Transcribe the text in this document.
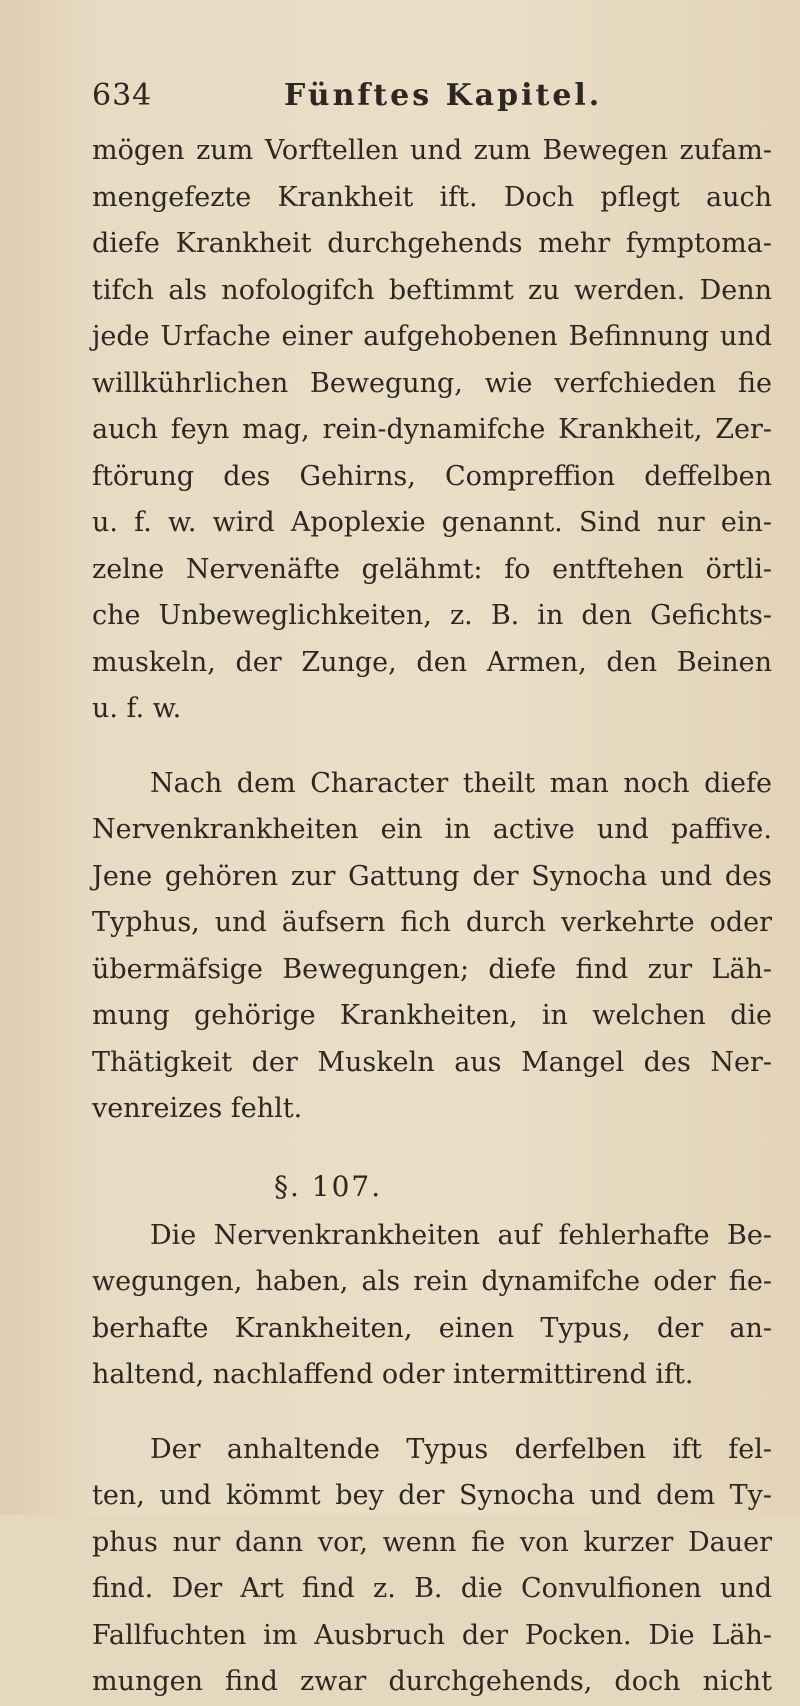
634	Fünftes Kapitel.
mögen zum Vorftellen und zum Bewegen zufam-
mengefezte Krankheit ift. Doch pflegt auch
diefe Krankheit durchgehends mehr fymptoma-
tifch als nofologifch beftimmt zu werden. Denn
jede Urfache einer aufgehobenen Befinnung und
willkührlichen Bewegung, wie verfchieden fie
auch feyn mag, rein-dynamifche Krankheit, Zer-
ftörung des Gehirns, Compreffion deffelben
u. f. w. wird Apoplexie genannt. Sind nur ein-
zelne Nervenäfte gelähmt: fo entftehen örtli-
che Unbeweglichkeiten, z. B. in den Gefichts-
muskeln, der Zunge, den Armen, den Beinen
u. f. w.
Nach dem Character theilt man noch diefe
Nervenkrankheiten ein in active und paffive.
Jene gehören zur Gattung der Synocha und des
Typhus, und äufsern fich durch verkehrte oder
übermäfsige Bewegungen; diefe find zur Läh-
mung gehörige Krankheiten, in welchen die
Thätigkeit der Muskeln aus Mangel des Ner-
venreizes fehlt.
§. 107.
Die Nervenkrankheiten auf fehlerhafte Be-
wegungen, haben, als rein dynamifche oder fie-
berhafte Krankheiten, einen Typus, der an-
haltend, nachlaffend oder intermittirend ift.
Der anhaltende Typus derfelben ift fel-
ten, und kömmt bey der Synocha und dem Ty-
phus nur dann vor, wenn fie von kurzer Dauer
find. Der Art find z. B. die Convulfionen und
Fallfuchten im Ausbruch der Pocken. Die Läh-
mungen find zwar durchgehends, doch nicht
